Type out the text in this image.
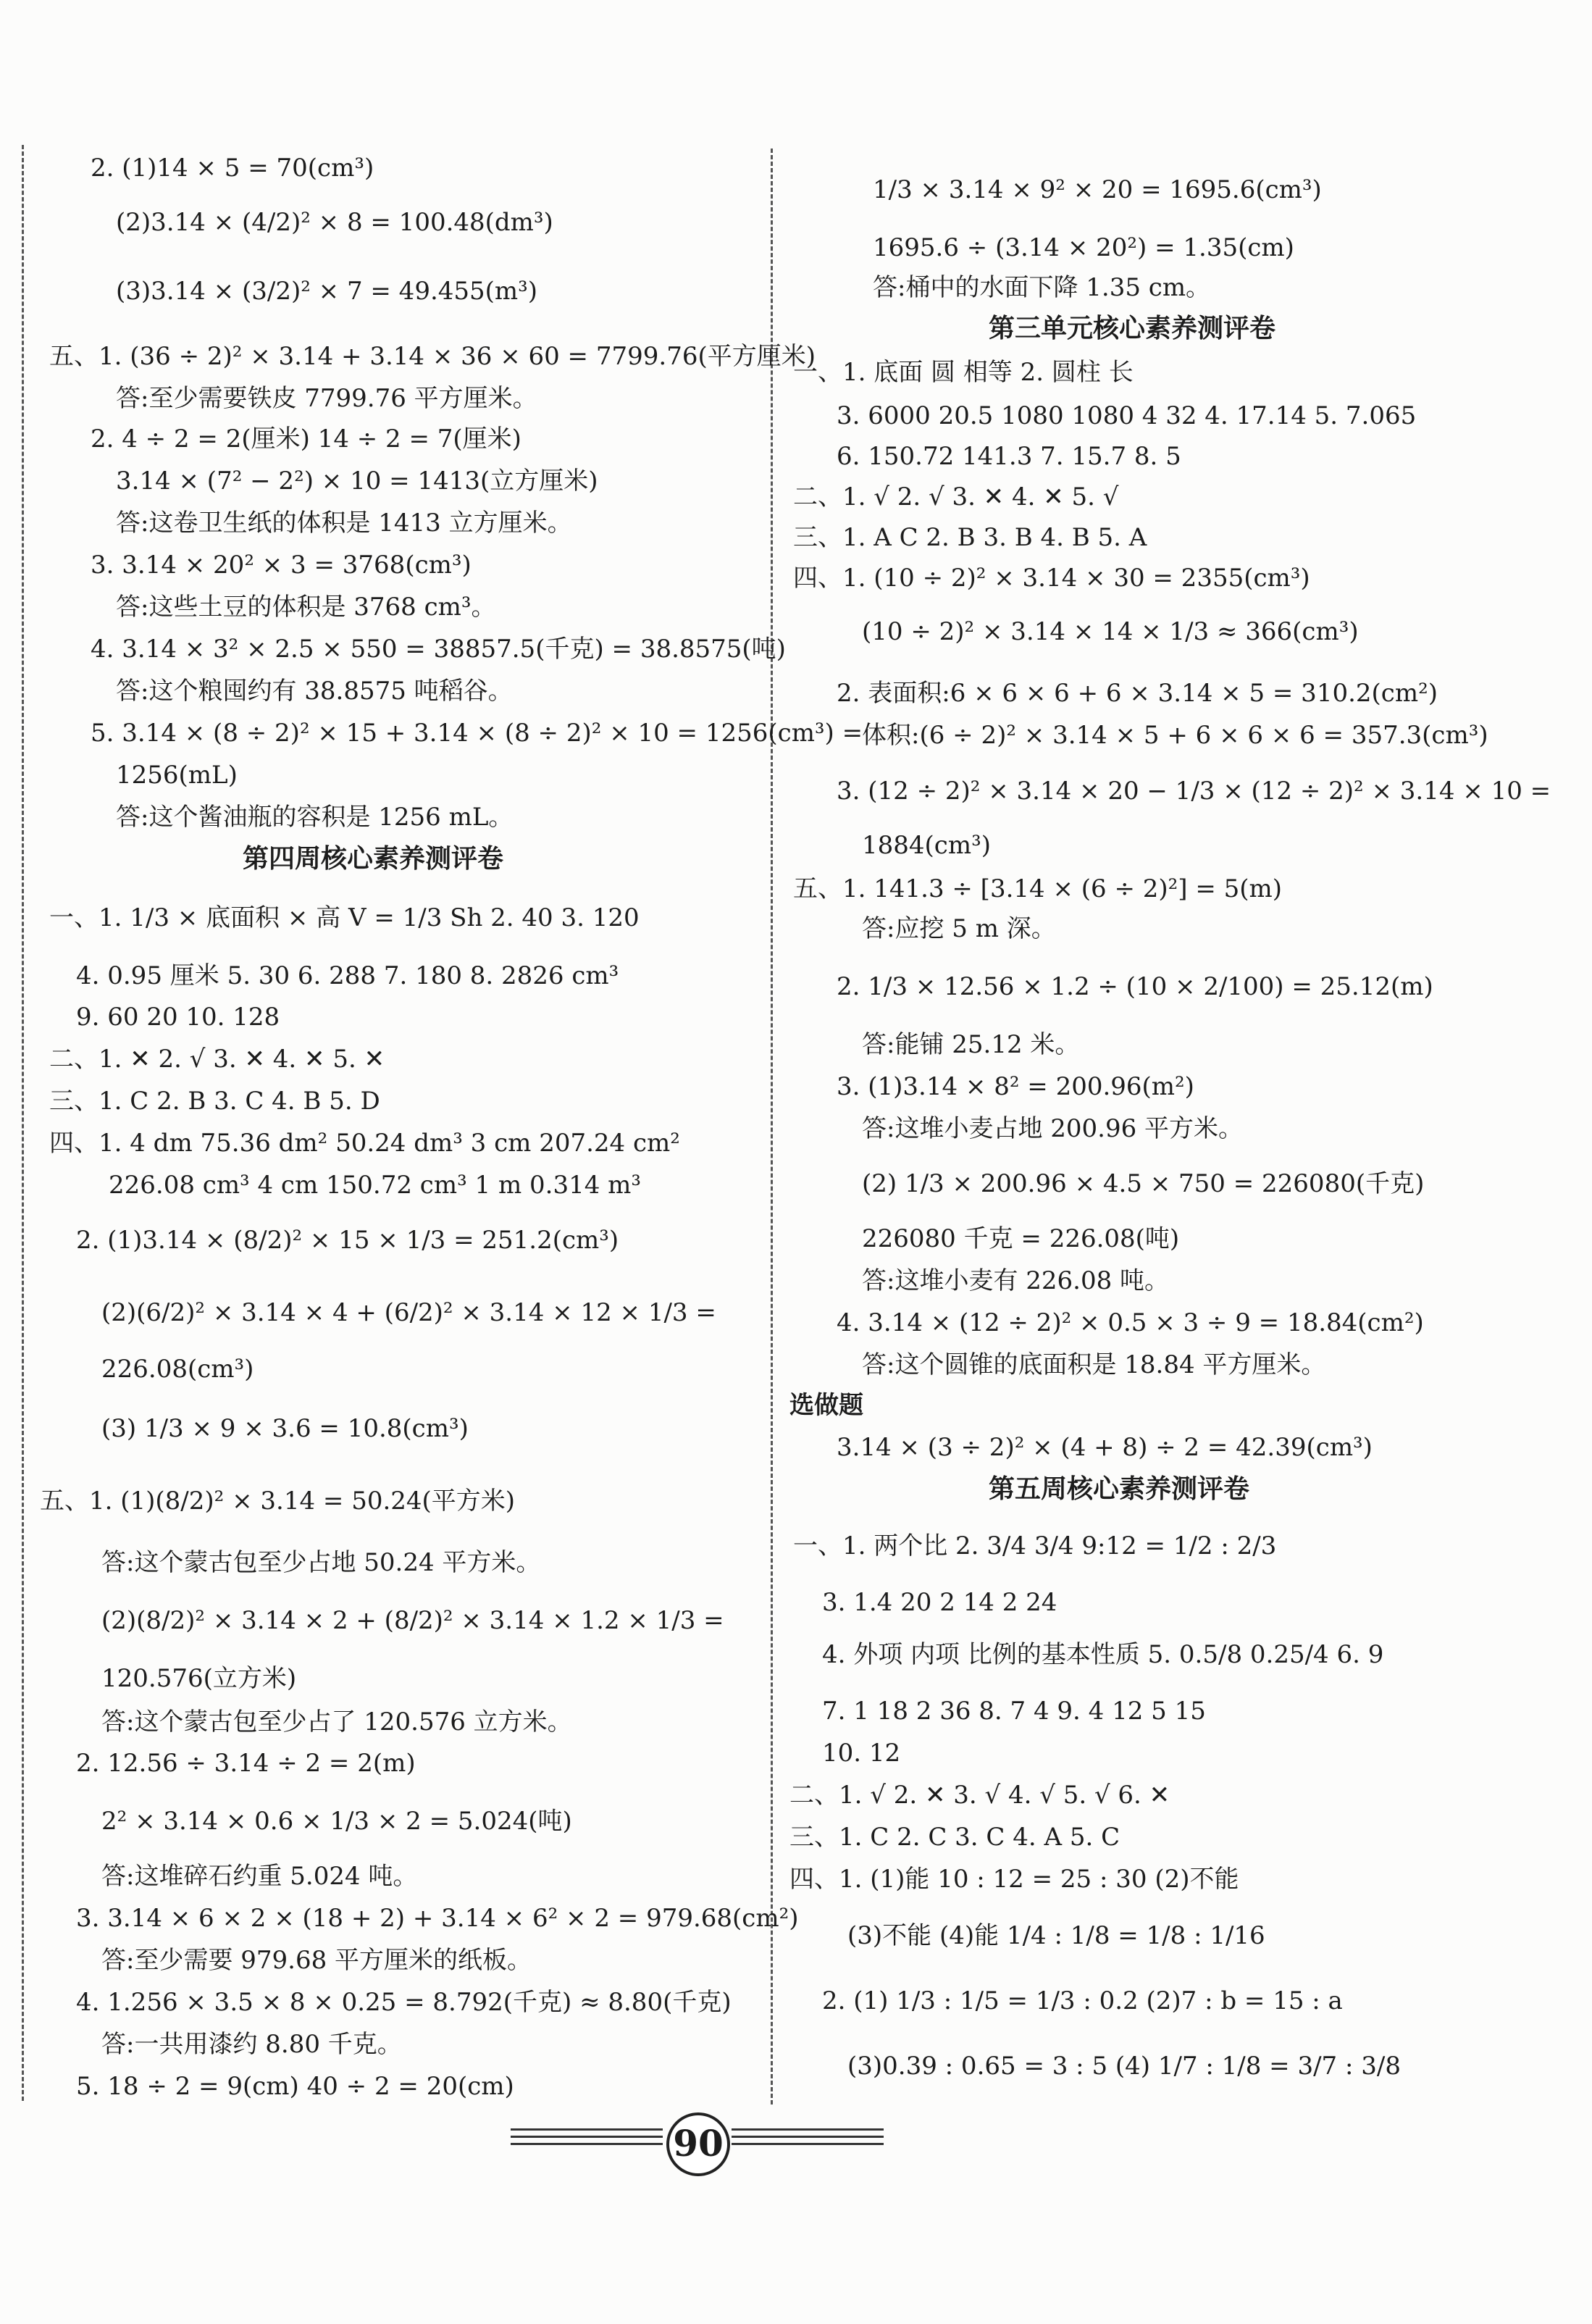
2. (1)14 × 5 = 70(cm³)
(2)3.14 × (4/2)² × 8 = 100.48(dm³)
(3)3.14 × (3/2)² × 7 = 49.455(m³)
五、1. (36 ÷ 2)² × 3.14 + 3.14 × 36 × 60 = 7799.76(平方厘米)
答:至少需要铁皮 7799.76 平方厘米。
2. 4 ÷ 2 = 2(厘米) 14 ÷ 2 = 7(厘米)
3.14 × (7² − 2²) × 10 = 1413(立方厘米)
答:这卷卫生纸的体积是 1413 立方厘米。
3. 3.14 × 20² × 3 = 3768(cm³)
答:这些土豆的体积是 3768 cm³。
4. 3.14 × 3² × 2.5 × 550 = 38857.5(千克) = 38.8575(吨)
答:这个粮囤约有 38.8575 吨稻谷。
5. 3.14 × (8 ÷ 2)² × 15 + 3.14 × (8 ÷ 2)² × 10 = 1256(cm³) =
1256(mL)
答:这个酱油瓶的容积是 1256 mL。
第四周核心素养测评卷
一、1. 1/3 × 底面积 × 高 V = 1/3 Sh 2. 40 3. 120
4. 0.95 厘米 5. 30 6. 288 7. 180 8. 2826 cm³
9. 60 20 10. 128
二、1. ✕ 2. √ 3. ✕ 4. ✕ 5. ✕
三、1. C 2. B 3. C 4. B 5. D
四、1. 4 dm 75.36 dm² 50.24 dm³ 3 cm 207.24 cm²
226.08 cm³ 4 cm 150.72 cm³ 1 m 0.314 m³
2. (1)3.14 × (8/2)² × 15 × 1/3 = 251.2(cm³)
(2)(6/2)² × 3.14 × 4 + (6/2)² × 3.14 × 12 × 1/3 =
226.08(cm³)
(3) 1/3 × 9 × 3.6 = 10.8(cm³)
五、1. (1)(8/2)² × 3.14 = 50.24(平方米)
答:这个蒙古包至少占地 50.24 平方米。
(2)(8/2)² × 3.14 × 2 + (8/2)² × 3.14 × 1.2 × 1/3 =
120.576(立方米)
答:这个蒙古包至少占了 120.576 立方米。
2. 12.56 ÷ 3.14 ÷ 2 = 2(m)
2² × 3.14 × 0.6 × 1/3 × 2 = 5.024(吨)
答:这堆碎石约重 5.024 吨。
3. 3.14 × 6 × 2 × (18 + 2) + 3.14 × 6² × 2 = 979.68(cm²)
答:至少需要 979.68 平方厘米的纸板。
4. 1.256 × 3.5 × 8 × 0.25 = 8.792(千克) ≈ 8.80(千克)
答:一共用漆约 8.80 千克。
5. 18 ÷ 2 = 9(cm) 40 ÷ 2 = 20(cm)
1/3 × 3.14 × 9² × 20 = 1695.6(cm³)
1695.6 ÷ (3.14 × 20²) = 1.35(cm)
答:桶中的水面下降 1.35 cm。
第三单元核心素养测评卷
一、1. 底面 圆 相等 2. 圆柱 长
3. 6000 20.5 1080 1080 4 32 4. 17.14 5. 7.065
6. 150.72 141.3 7. 15.7 8. 5
二、1. √ 2. √ 3. ✕ 4. ✕ 5. √
三、1. A C 2. B 3. B 4. B 5. A
四、1. (10 ÷ 2)² × 3.14 × 30 = 2355(cm³)
(10 ÷ 2)² × 3.14 × 14 × 1/3 ≈ 366(cm³)
2. 表面积:6 × 6 × 6 + 6 × 3.14 × 5 = 310.2(cm²)
体积:(6 ÷ 2)² × 3.14 × 5 + 6 × 6 × 6 = 357.3(cm³)
3. (12 ÷ 2)² × 3.14 × 20 − 1/3 × (12 ÷ 2)² × 3.14 × 10 =
1884(cm³)
五、1. 141.3 ÷ [3.14 × (6 ÷ 2)²] = 5(m)
答:应挖 5 m 深。
2. 1/3 × 12.56 × 1.2 ÷ (10 × 2/100) = 25.12(m)
答:能铺 25.12 米。
3. (1)3.14 × 8² = 200.96(m²)
答:这堆小麦占地 200.96 平方米。
(2) 1/3 × 200.96 × 4.5 × 750 = 226080(千克)
226080 千克 = 226.08(吨)
答:这堆小麦有 226.08 吨。
4. 3.14 × (12 ÷ 2)² × 0.5 × 3 ÷ 9 = 18.84(cm²)
答:这个圆锥的底面积是 18.84 平方厘米。
选做题
3.14 × (3 ÷ 2)² × (4 + 8) ÷ 2 = 42.39(cm³)
第五周核心素养测评卷
一、1. 两个比 2. 3/4 3/4 9:12 = 1/2 : 2/3
3. 1.4 20 2 14 2 24
4. 外项 内项 比例的基本性质 5. 0.5/8 0.25/4 6. 9
7. 1 18 2 36 8. 7 4 9. 4 12 5 15
10. 12
二、1. √ 2. ✕ 3. √ 4. √ 5. √ 6. ✕
三、1. C 2. C 3. C 4. A 5. C
四、1. (1)能 10 : 12 = 25 : 30 (2)不能
(3)不能 (4)能 1/4 : 1/8 = 1/8 : 1/16
2. (1) 1/3 : 1/5 = 1/3 : 0.2 (2)7 : b = 15 : a
(3)0.39 : 0.65 = 3 : 5 (4) 1/7 : 1/8 = 3/7 : 3/8
90
